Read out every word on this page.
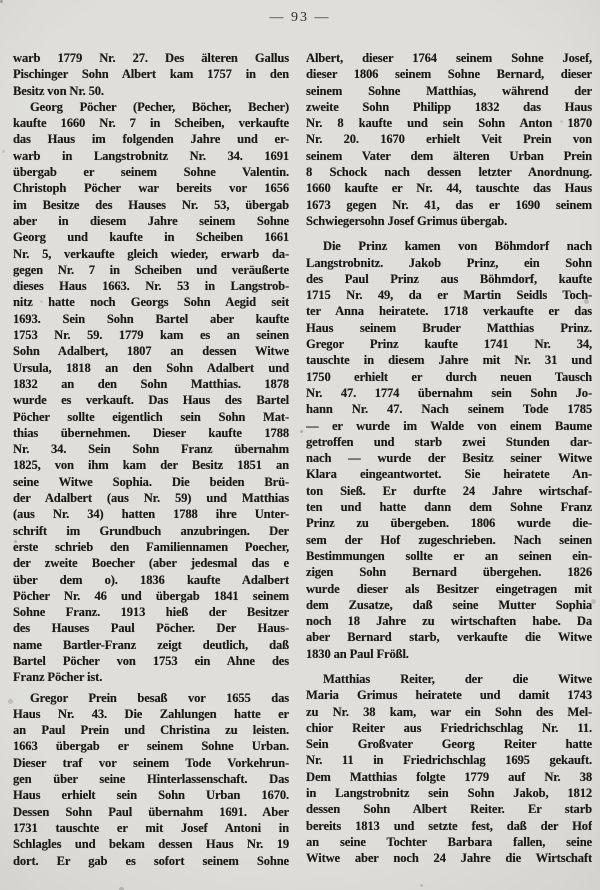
— 93 —
warb 1779 Nr. 27. Des älteren Gallus
Pischinger Sohn Albert kam 1757 in den
Besitz von Nr. 50.
Georg Pöcher (Pecher, Böcher, Becher)
kaufte 1660 Nr. 7 in Scheiben, verkaufte
das Haus im folgenden Jahre und er-
warb in Langstrobnitz Nr. 34. 1691
übergab er seinem Sohne Valentin.
Christoph Pöcher war bereits vor 1656
im Besitze des Hauses Nr. 53, übergab
aber in diesem Jahre seinem Sohne
Georg und kaufte in Scheiben 1661
Nr. 5, verkaufte gleich wieder, erwarb da-
gegen Nr. 7 in Scheiben und veräußerte
dieses Haus 1663. Nr. 53 in Langstrob-
nitz hatte noch Georgs Sohn Aegid seit
1693. Sein Sohn Bartel aber kaufte
1753 Nr. 59. 1779 kam es an seinen
Sohn Adalbert, 1807 an dessen Witwe
Ursula, 1818 an den Sohn Adalbert und
1832 an den Sohn Matthias. 1878
wurde es verkauft. Das Haus des Bartel
Pöcher sollte eigentlich sein Sohn Mat-
thias übernehmen. Dieser kaufte 1788
Nr. 34. Sein Sohn Franz übernahm
1825, von ihm kam der Besitz 1851 an
seine Witwe Sophia. Die beiden Brü-
der Adalbert (aus Nr. 59) und Matthias
(aus Nr. 34) hatten 1788 ihre Unter-
schrift im Grundbuch anzubringen. Der
erste schrieb den Familiennamen Poecher,
der zweite Boecher (aber jedesmal das e
über dem o). 1836 kaufte Adalbert
Pöcher Nr. 46 und übergab 1841 seinem
Sohne Franz. 1913 hieß der Besitzer
des Hauses Paul Pöcher. Der Haus-
name Bartler-Franz zeigt deutlich, daß
Bartel Pöcher von 1753 ein Ahne des
Franz Pöcher ist.
Gregor Prein besaß vor 1655 das
Haus Nr. 43. Die Zahlungen hatte er
an Paul Prein und Christina zu leisten.
1663 übergab er seinem Sohne Urban.
Dieser traf vor seinem Tode Vorkehrun-
gen über seine Hinterlassenschaft. Das
Haus erhielt sein Sohn Urban 1670.
Dessen Sohn Paul übernahm 1691. Aber
1731 tauschte er mit Josef Antoni in
Schlagles und bekam dessen Haus Nr. 19
dort. Er gab es sofort seinem Sohne
Albert, dieser 1764 seinem Sohne Josef,
dieser 1806 seinem Sohne Bernard, dieser
seinem Sohne Matthias, während der
zweite Sohn Philipp 1832 das Haus
Nr. 8 kaufte und sein Sohn Anton 1870
Nr. 20. 1670 erhielt Veit Prein von
seinem Vater dem älteren Urban Prein
8 Schock nach dessen letzter Anordnung.
1660 kaufte er Nr. 44, tauschte das Haus
1673 gegen Nr. 41, das er 1690 seinem
Schwiegersohn Josef Grimus übergab.
Die Prinz kamen von Böhmdorf nach
Langstrobnitz. Jakob Prinz, ein Sohn
des Paul Prinz aus Böhmdorf, kaufte
1715 Nr. 49, da er Martin Seidls Toch-
ter Anna heiratete. 1718 verkaufte er das
Haus seinem Bruder Matthias Prinz.
Gregor Prinz kaufte 1741 Nr. 34,
tauschte in diesem Jahre mit Nr. 31 und
1750 erhielt er durch neuen Tausch
Nr. 47. 1774 übernahm sein Sohn Jo-
hann Nr. 47. Nach seinem Tode 1785
— er wurde im Walde von einem Baume
getroffen und starb zwei Stunden dar-
nach — wurde der Besitz seiner Witwe
Klara eingeantwortet. Sie heiratete An-
ton Sieß. Er durfte 24 Jahre wirtschaf-
ten und hatte dann dem Sohne Franz
Prinz zu übergeben. 1806 wurde die-
sem der Hof zugeschrieben. Nach seinen
Bestimmungen sollte er an seinen ein-
zigen Sohn Bernard übergehen. 1826
wurde dieser als Besitzer eingetragen mit
dem Zusatze, daß seine Mutter Sophia
noch 18 Jahre zu wirtschaften habe. Da
aber Bernard starb, verkaufte die Witwe
1830 an Paul Frößl.
Matthias Reiter, der die Witwe
Maria Grimus heiratete und damit 1743
zu Nr. 38 kam, war ein Sohn des Mel-
chior Reiter aus Friedrichschlag Nr. 11.
Sein Großvater Georg Reiter hatte
Nr. 11 in Friedrichschlag 1695 gekauft.
Dem Matthias folgte 1779 auf Nr. 38
in Langstrobnitz sein Sohn Jakob, 1812
dessen Sohn Albert Reiter. Er starb
bereits 1813 und setzte fest, daß der Hof
an seine Tochter Barbara fallen, seine
Witwe aber noch 24 Jahre die Wirtschaft
